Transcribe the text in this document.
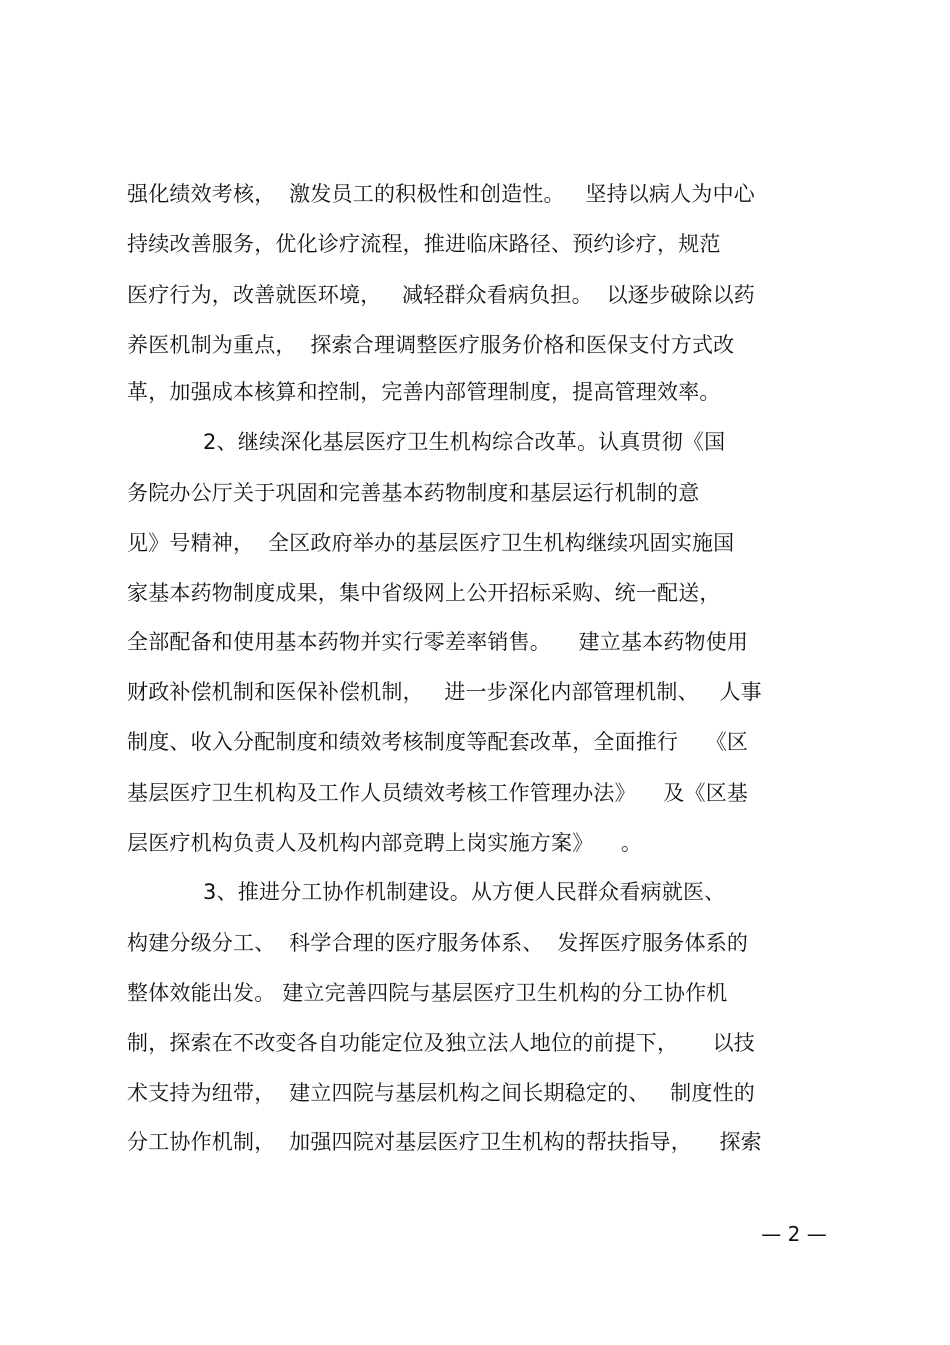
强化绩效考核，  激发员工的积极性和创造性。   坚持以病人为中心
持续改善服务，优化诊疗流程，推进临床路径、预约诊疗，规范
医疗行为，改善就医环境，   减轻群众看病负担。  以逐步破除以药
养医机制为重点，  探索合理调整医疗服务价格和医保支付方式改
革，加强成本核算和控制，完善内部管理制度，提高管理效率。
2、继续深化基层医疗卫生机构综合改革。认真贯彻《国
务院办公厅关于巩固和完善基本药物制度和基层运行机制的意
见》号精神，  全区政府举办的基层医疗卫生机构继续巩固实施国
家基本药物制度成果，集中省级网上公开招标采购、统一配送，
全部配备和使用基本药物并实行零差率销售。    建立基本药物使用
财政补偿机制和医保补偿机制，   进一步深化内部管理机制、   人事
制度、收入分配制度和绩效考核制度等配套改革，全面推行    《区
基层医疗卫生机构及工作人员绩效考核工作管理办法》    及《区基
层医疗机构负责人及机构内部竞聘上岗实施方案》    。
3、推进分工协作机制建设。从方便人民群众看病就医、
构建分级分工、  科学合理的医疗服务体系、  发挥医疗服务体系的
整体效能出发。 建立完善四院与基层医疗卫生机构的分工协作机
制，探索在不改变各自功能定位及独立法人地位的前提下，     以技
术支持为纽带，  建立四院与基层机构之间长期稳定的、   制度性的
分工协作机制，  加强四院对基层医疗卫生机构的帮扶指导，    探索
— 2 —
